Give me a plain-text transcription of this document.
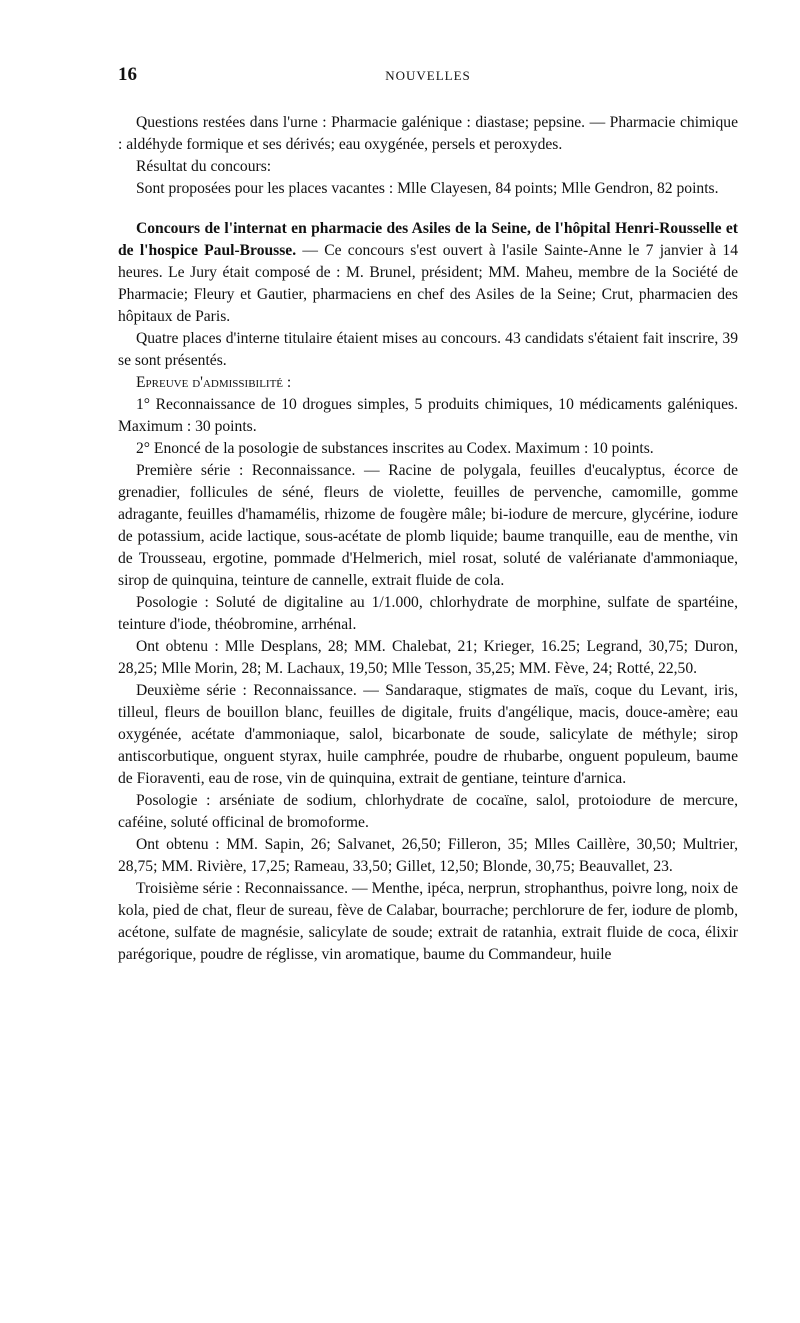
16	NOUVELLES

Questions restées dans l'urne : Pharmacie galénique : diastase; pepsine. — Pharmacie chimique : aldéhyde formique et ses dérivés; eau oxygénée, persels et peroxydes.

Résultat du concours:

Sont proposées pour les places vacantes : Mlle Clayesen, 84 points; Mlle Gendron, 82 points.

Concours de l'internat en pharmacie des Asiles de la Seine, de l'hôpital Henri-Rousselle et de l'hospice Paul-Brousse. — Ce concours s'est ouvert à l'asile Sainte-Anne le 7 janvier à 14 heures. Le Jury était composé de : M. Brunel, président; MM. Maheu, membre de la Société de Pharmacie; Fleury et Gautier, pharmaciens en chef des Asiles de la Seine; Crut, pharmacien des hôpitaux de Paris.

Quatre places d'interne titulaire étaient mises au concours. 43 candidats s'étaient fait inscrire, 39 se sont présentés.

Epreuve d'admissibilité :

1° Reconnaissance de 10 drogues simples, 5 produits chimiques, 10 médicaments galéniques. Maximum : 30 points.

2° Enoncé de la posologie de substances inscrites au Codex. Maximum : 10 points.

Première série : Reconnaissance. — Racine de polygala, feuilles d'eucalyptus, écorce de grenadier, follicules de séné, fleurs de violette, feuilles de pervenche, camomille, gomme adragante, feuilles d'hamamélis, rhizome de fougère mâle; bi-iodure de mercure, glycérine, iodure de potassium, acide lactique, sous-acétate de plomb liquide; baume tranquille, eau de menthe, vin de Trousseau, ergotine, pommade d'Helmerich, miel rosat, soluté de valérianate d'ammoniaque, sirop de quinquina, teinture de cannelle, extrait fluide de cola.

Posologie : Soluté de digitaline au 1/1.000, chlorhydrate de morphine, sulfate de spartéine, teinture d'iode, théobromine, arrhénal.

Ont obtenu : Mlle Desplans, 28; MM. Chalebat, 21; Krieger, 16.25; Legrand, 30,75; Duron, 28,25; Mlle Morin, 28; M. Lachaux, 19,50; Mlle Tesson, 35,25; MM. Fève, 24; Rotté, 22,50.

Deuxième série : Reconnaissance. — Sandaraque, stigmates de maïs, coque du Levant, iris, tilleul, fleurs de bouillon blanc, feuilles de digitale, fruits d'angélique, macis, douce-amère; eau oxygénée, acétate d'ammoniaque, salol, bicarbonate de soude, salicylate de méthyle; sirop antiscorbutique, onguent styrax, huile camphrée, poudre de rhubarbe, onguent populeum, baume de Fioraventi, eau de rose, vin de quinquina, extrait de gentiane, teinture d'arnica.

Posologie : arséniate de sodium, chlorhydrate de cocaïne, salol, protoiodure de mercure, caféine, soluté officinal de bromoforme.

Ont obtenu : MM. Sapin, 26; Salvanet, 26,50; Filleron, 35; Mlles Caillère, 30,50; Multrier, 28,75; MM. Rivière, 17,25; Rameau, 33,50; Gillet, 12,50; Blonde, 30,75; Beauvallet, 23.

Troisième série : Reconnaissance. — Menthe, ipéca, nerprun, strophanthus, poivre long, noix de kola, pied de chat, fleur de sureau, fève de Calabar, bourrache; perchlorure de fer, iodure de plomb, acétone, sulfate de magnésie, salicylate de soude; extrait de ratanhia, extrait fluide de coca, élixir parégorique, poudre de réglisse, vin aromatique, baume du Commandeur, huile
